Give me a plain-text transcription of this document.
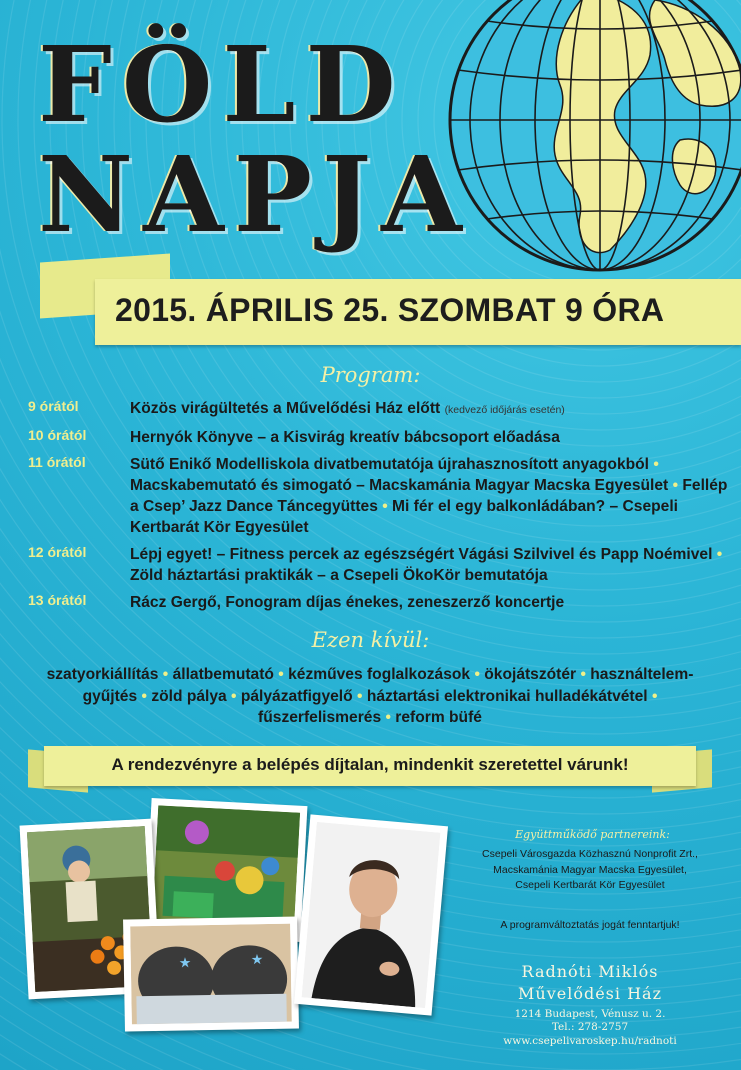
FÖLD
NAPJA
2015. ÁPRILIS 25. SZOMBAT 9 ÓRA
Program:
9 órától	Közös virágültetés a Művelődési Ház előtt (kedvező időjárás esetén)
10 órától	Hernyók Könyve – a Kisvirág kreatív bábcsoport előadása
11 órától	Sütő Enikő Modelliskola divatbemutatója újrahasznosított anyagokból • Macskabemutató és simogató – Macskamánia Magyar Macska Egyesület • Fellép a Csep’ Jazz Dance Táncegyüttes • Mi fér el egy balkonládában? – Csepeli Kertbarát Kör Egyesület
12 órától	Lépj egyet! – Fitness percek az egészségért Vágási Szilvivel és Papp Noémivel • Zöld háztartási praktikák – a Csepeli ÖkoKör bemutatója
13 órától	Rácz Gergő, Fonogram díjas énekes, zeneszerző koncertje
Ezen kívül:
szatyorkiállítás • állatbemutató • kézműves foglalkozások • ökojátszótér • használtelem-gyűjtés • zöld pálya • pályázatfigyelő • háztartási elektronikai hulladékátvétel • fűszerfelismerés • reform büfé
A rendezvényre a belépés díjtalan, mindenkit szeretettel várunk!
★	★
Együttműködő partnereink:
Csepeli Városgazda Közhasznú Nonprofit Zrt.,
Macskamánia Magyar Macska Egyesület,
Csepeli Kertbarát Kör Egyesület
A programváltoztatás jogát fenntartjuk!
Radnóti Miklós
Művelődési Ház
1214 Budapest, Vénusz u. 2.
Tel.: 278-2757
www.csepelivaroskep.hu/radnoti
